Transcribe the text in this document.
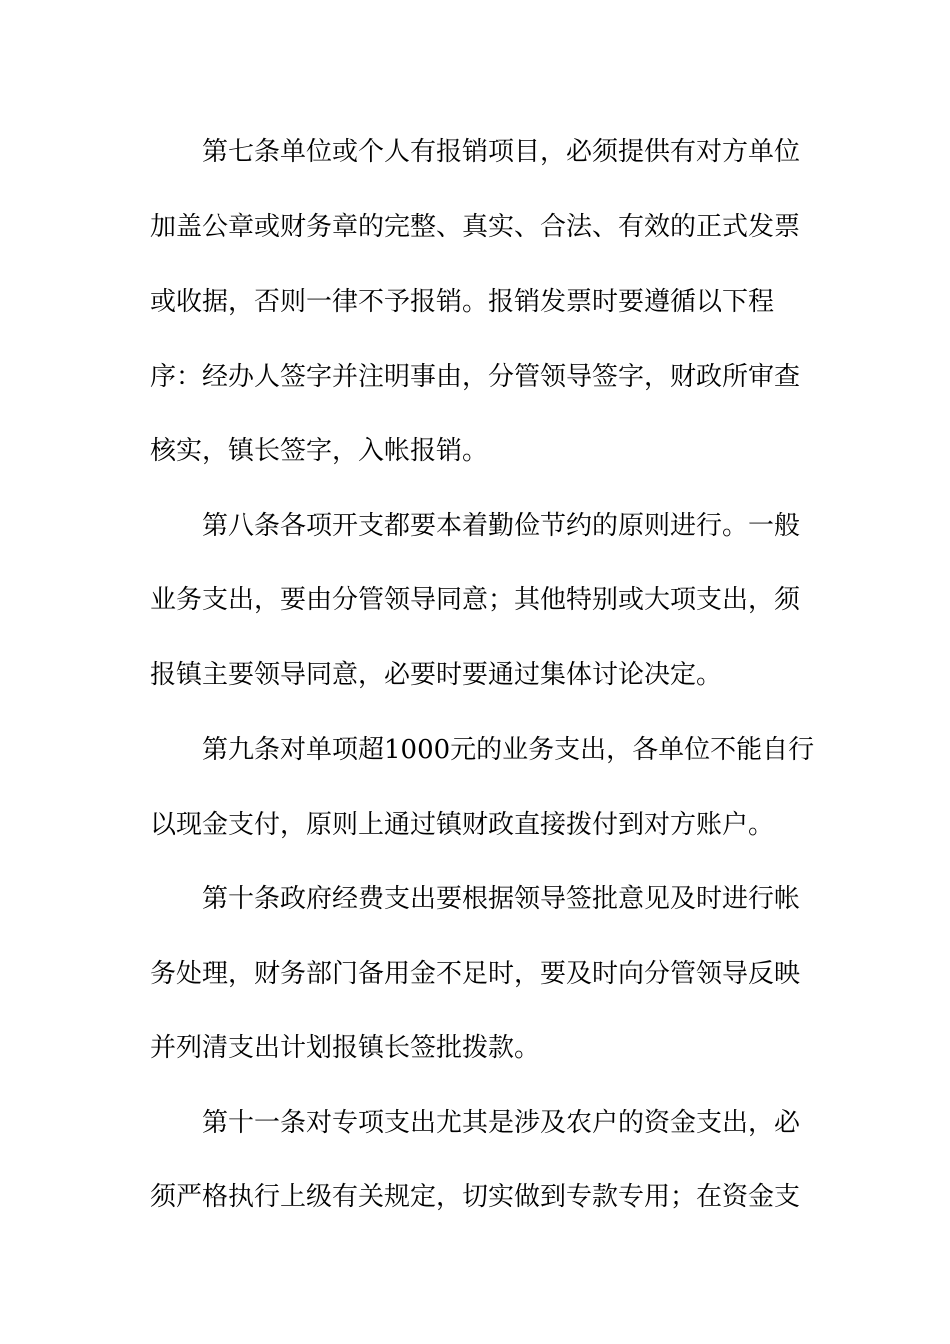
第七条单位或个人有报销项目，必须提供有对方单位
加盖公章或财务章的完整、真实、合法、有效的正式发票
或收据，否则一律不予报销。报销发票时要遵循以下程
序：经办人签字并注明事由，分管领导签字，财政所审查
核实，镇长签字，入帐报销。
第八条各项开支都要本着勤俭节约的原则进行。一般
业务支出，要由分管领导同意；其他特别或大项支出，须
报镇主要领导同意，必要时要通过集体讨论决定。
第九条对单项超1000元的业务支出，各单位不能自行
以现金支付，原则上通过镇财政直接拨付到对方账户。
第十条政府经费支出要根据领导签批意见及时进行帐
务处理，财务部门备用金不足时，要及时向分管领导反映
并列清支出计划报镇长签批拨款。
第十一条对专项支出尤其是涉及农户的资金支出，必
须严格执行上级有关规定，切实做到专款专用；在资金支
